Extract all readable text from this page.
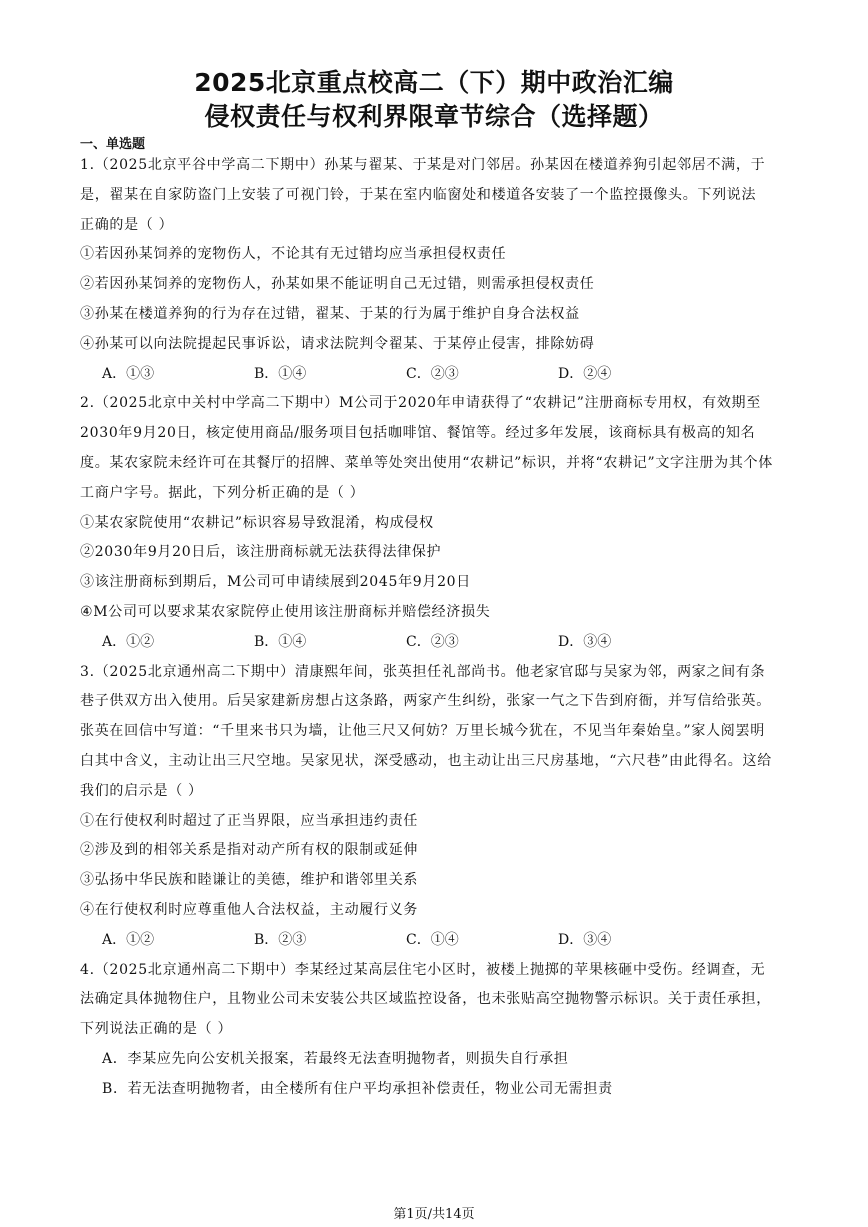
2025北京重点校高二（下）期中政治汇编
侵权责任与权利界限章节综合（选择题）
一、单选题

1.（2025北京平谷中学高二下期中）孙某与翟某、于某是对门邻居。孙某因在楼道养狗引起邻居不满，于

是，翟某在自家防盗门上安装了可视门铃，于某在室内临窗处和楼道各安装了一个监控摄像头。下列说法

正确的是（ ）

①若因孙某饲养的宠物伤人，不论其有无过错均应当承担侵权责任

②若因孙某饲养的宠物伤人，孙某如果不能证明自己无过错，则需承担侵权责任

③孙某在楼道养狗的行为存在过错，翟某、于某的行为属于维护自身合法权益

④孙某可以向法院提起民事诉讼，请求法院判令翟某、于某停止侵害，排除妨碍

A．①③	B．①④	C．②③	D．②④

2.（2025北京中关村中学高二下期中）M公司于2020年申请获得了“农耕记”注册商标专用权，有效期至

2030年9月20日，核定使用商品/服务项目包括咖啡馆、餐馆等。经过多年发展，该商标具有极高的知名

度。某农家院未经许可在其餐厅的招牌、菜单等处突出使用“农耕记”标识，并将“农耕记”文字注册为其个体

工商户字号。据此，下列分析正确的是（ ）

①某农家院使用“农耕记”标识容易导致混淆，构成侵权

②2030年9月20日后，该注册商标就无法获得法律保护

③该注册商标到期后，M公司可申请续展到2045年9月20日

④M公司可以要求某农家院停止使用该注册商标并赔偿经济损失

A．①②	B．①④	C．②③	D．③④

3.（2025北京通州高二下期中）清康熙年间，张英担任礼部尚书。他老家官邸与吴家为邻，两家之间有条

巷子供双方出入使用。后吴家建新房想占这条路，两家产生纠纷，张家一气之下告到府衙，并写信给张英。

张英在回信中写道：“千里来书只为墙，让他三尺又何妨？万里长城今犹在，不见当年秦始皇。”家人阅罢明

白其中含义，主动让出三尺空地。吴家见状，深受感动，也主动让出三尺房基地，“六尺巷”由此得名。这给

我们的启示是（ ）

①在行使权利时超过了正当界限，应当承担违约责任

②涉及到的相邻关系是指对动产所有权的限制或延伸

③弘扬中华民族和睦谦让的美德，维护和谐邻里关系

④在行使权利时应尊重他人合法权益，主动履行义务

A．①②	B．②③	C．①④	D．③④

4.（2025北京通州高二下期中）李某经过某高层住宅小区时，被楼上抛掷的苹果核砸中受伤。经调查，无

法确定具体抛物住户，且物业公司未安装公共区域监控设备，也未张贴高空抛物警示标识。关于责任承担，

下列说法正确的是（ ）

A．李某应先向公安机关报案，若最终无法查明抛物者，则损失自行承担

B．若无法查明抛物者，由全楼所有住户平均承担补偿责任，物业公司无需担责

第1页/共14页
